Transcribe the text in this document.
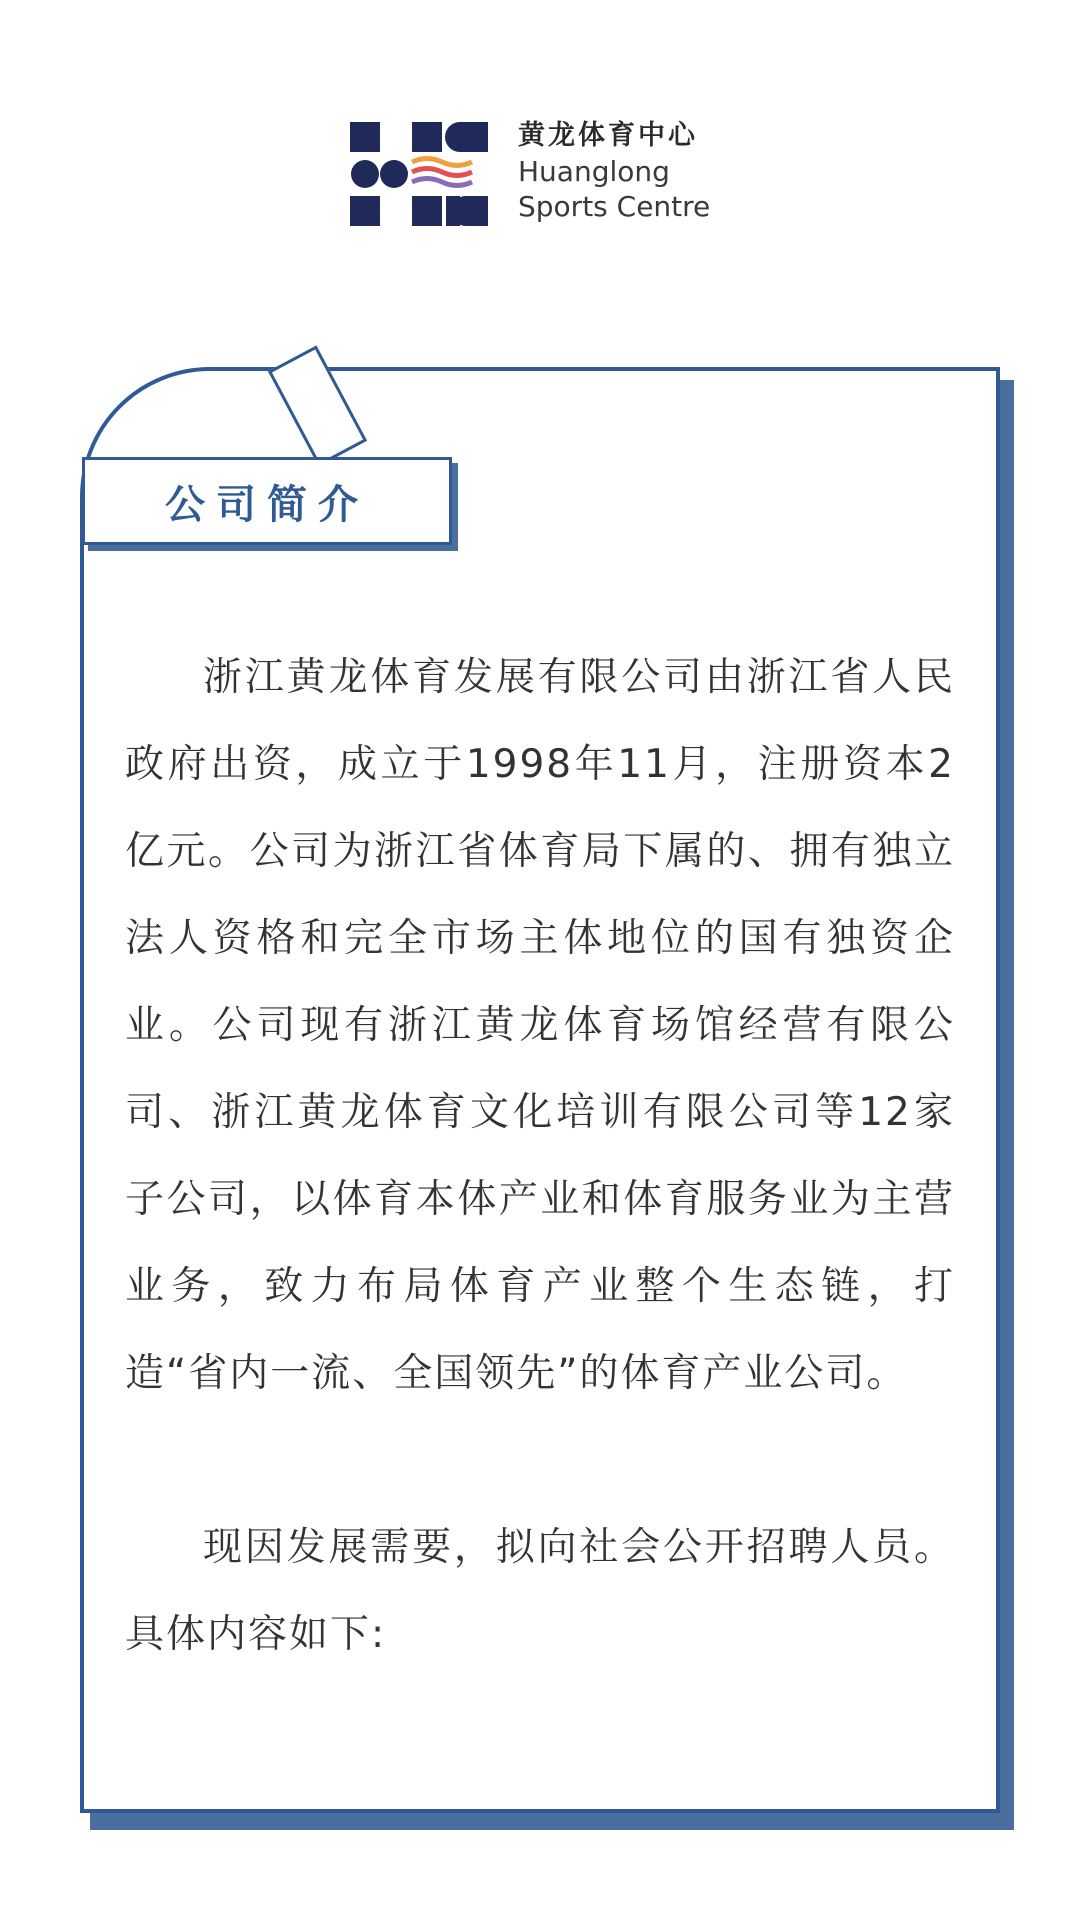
黄龙体育中心
Huanglong
Sports Centre
公司简介

浙江黄龙体育发展有限公司由浙江省人民政府出资，成立于1998年11月，注册资本2亿元。公司为浙江省体育局下属的、拥有独立法人资格和完全市场主体地位的国有独资企业。公司现有浙江黄龙体育场馆经营有限公司、浙江黄龙体育文化培训有限公司等12家子公司，以体育本体产业和体育服务业为主营业务，致力布局体育产业整个生态链，打造“省内一流、全国领先”的体育产业公司。

现因发展需要，拟向社会公开招聘人员。具体内容如下:
